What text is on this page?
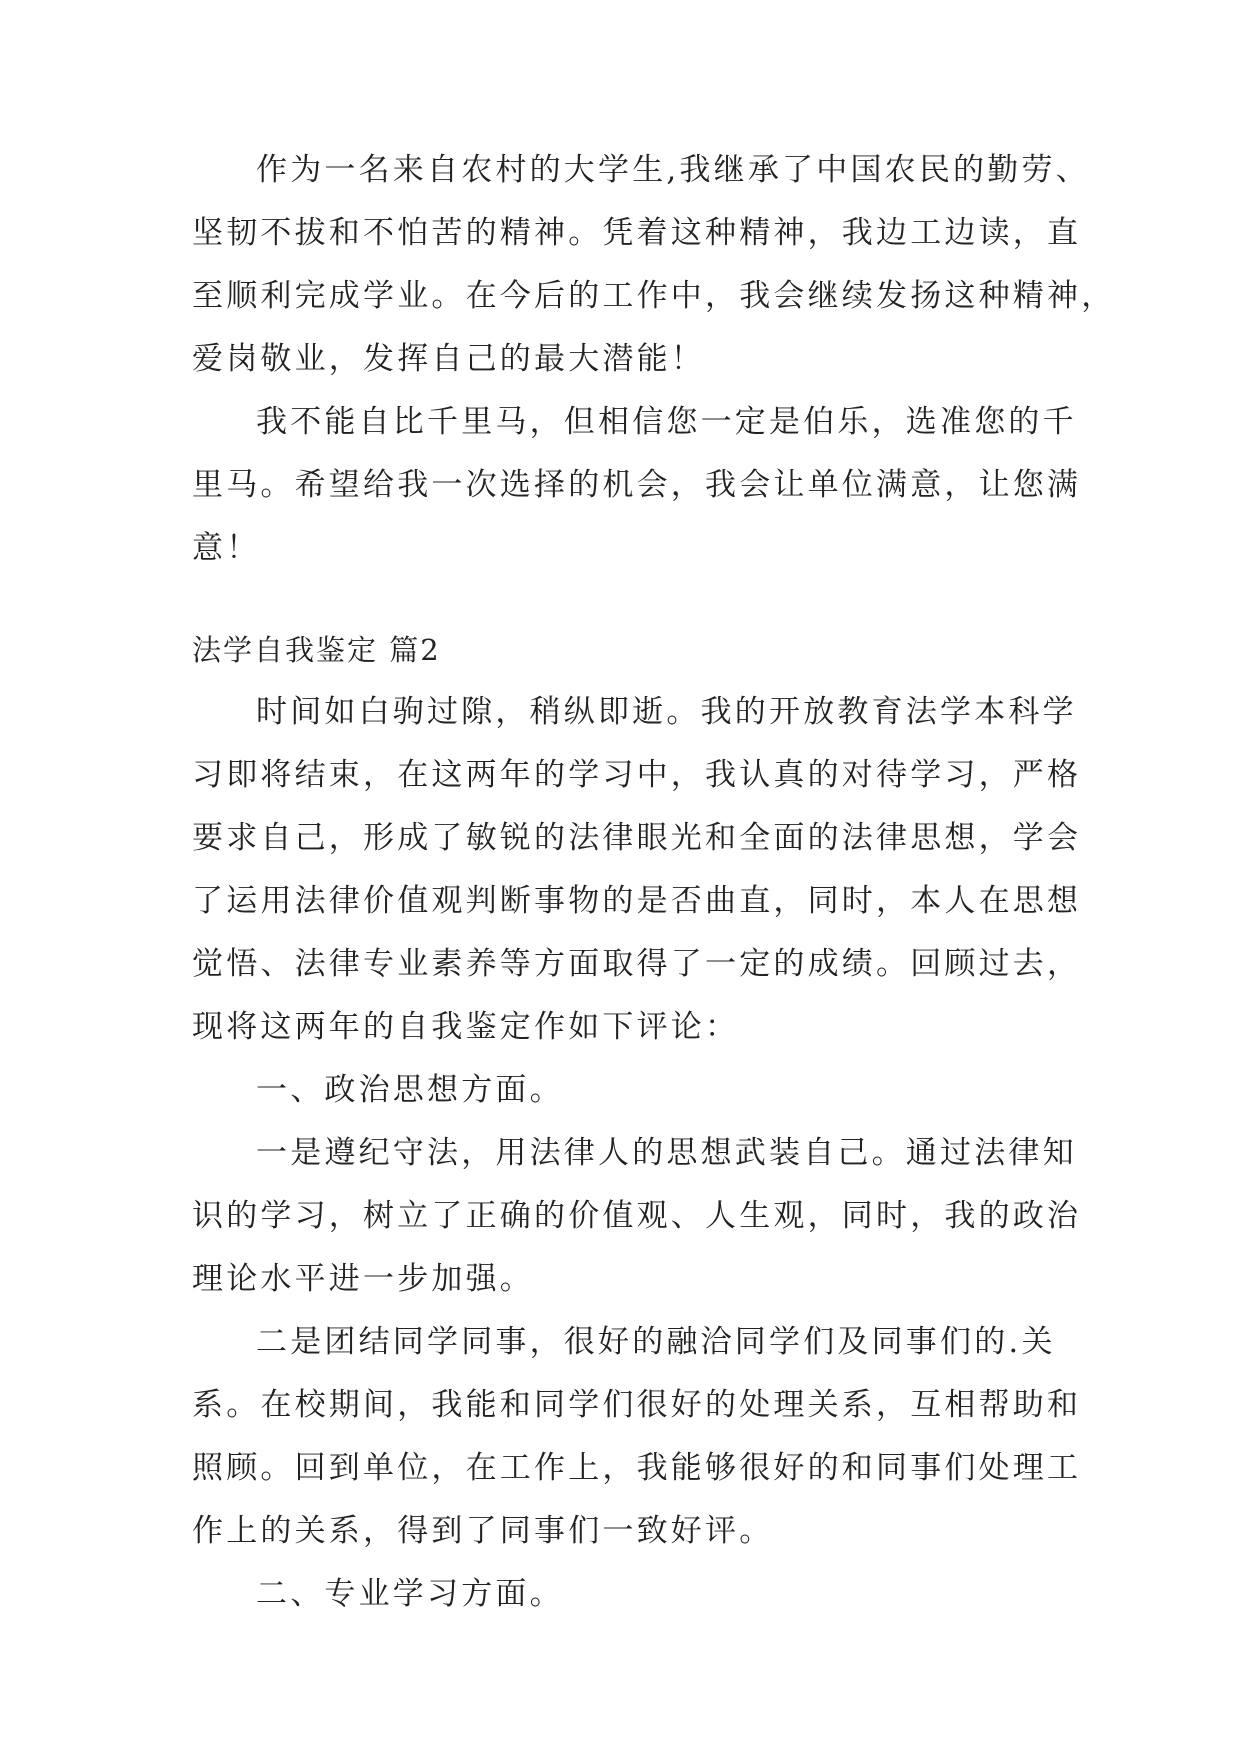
作为一名来自农村的大学生,我继承了中国农民的勤劳、
坚韧不拔和不怕苦的精神。凭着这种精神，我边工边读，直
至顺利完成学业。在今后的工作中，我会继续发扬这种精神，
爱岗敬业，发挥自己的最大潜能！
我不能自比千里马，但相信您一定是伯乐，选准您的千
里马。希望给我一次选择的机会，我会让单位满意，让您满
意！
法学自我鉴定 篇2
时间如白驹过隙，稍纵即逝。我的开放教育法学本科学
习即将结束，在这两年的学习中，我认真的对待学习，严格
要求自己，形成了敏锐的法律眼光和全面的法律思想，学会
了运用法律价值观判断事物的是否曲直，同时，本人在思想
觉悟、法律专业素养等方面取得了一定的成绩。回顾过去，
现将这两年的自我鉴定作如下评论：
一、政治思想方面。
一是遵纪守法，用法律人的思想武装自己。通过法律知
识的学习，树立了正确的价值观、人生观，同时，我的政治
理论水平进一步加强。
二是团结同学同事，很好的融洽同学们及同事们的.关
系。在校期间，我能和同学们很好的处理关系，互相帮助和
照顾。回到单位，在工作上，我能够很好的和同事们处理工
作上的关系，得到了同事们一致好评。
二、专业学习方面。
